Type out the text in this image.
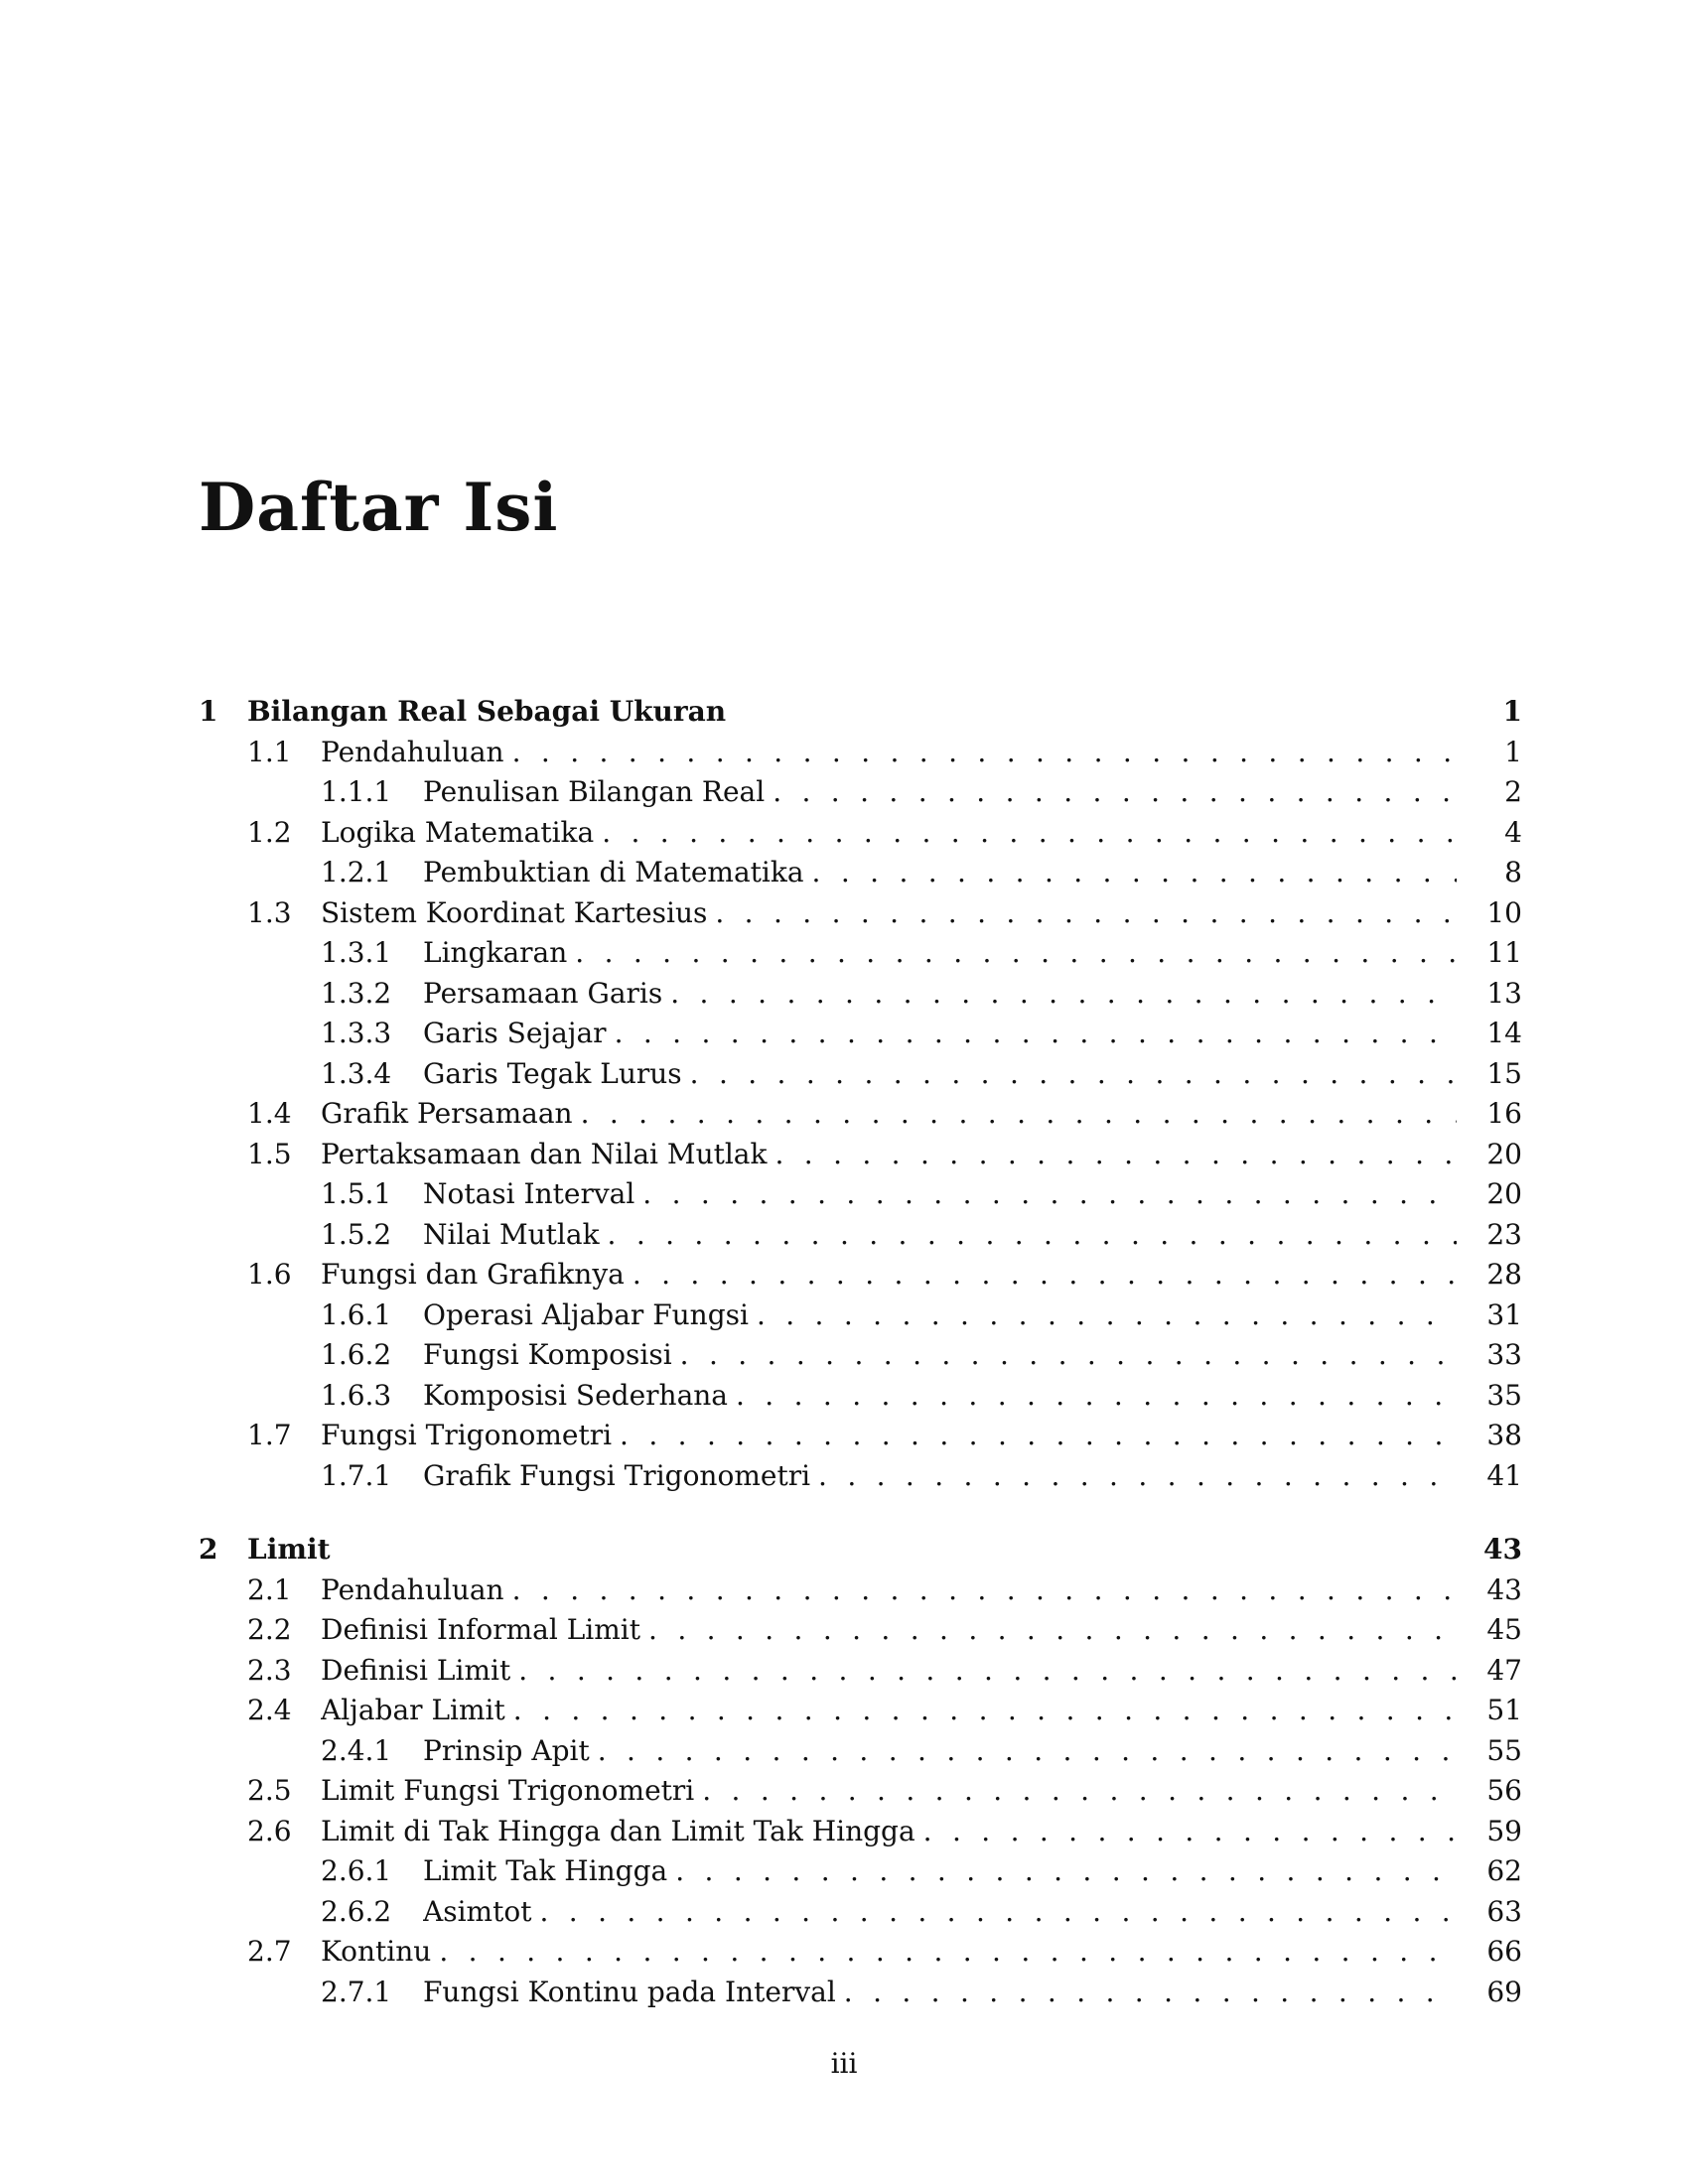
Daftar Isi
1 Bilangan Real Sebagai Ukuran	1
1.1 Pendahuluan . . .	1
1.1.1 Penulisan Bilangan Real . . .	2
1.2 Logika Matematika . . .	4
1.2.1 Pembuktian di Matematika . . .	8
1.3 Sistem Koordinat Kartesius . . .	10
1.3.1 Lingkaran . . .	11
1.3.2 Persamaan Garis . . .	13
1.3.3 Garis Sejajar . . .	14
1.3.4 Garis Tegak Lurus . . .	15
1.4 Grafik Persamaan . . .	16
1.5 Pertaksamaan dan Nilai Mutlak . . .	20
1.5.1 Notasi Interval . . .	20
1.5.2 Nilai Mutlak . . .	23
1.6 Fungsi dan Grafiknya . . .	28
1.6.1 Operasi Aljabar Fungsi . . .	31
1.6.2 Fungsi Komposisi . . .	33
1.6.3 Komposisi Sederhana . . .	35
1.7 Fungsi Trigonometri . . .	38
1.7.1 Grafik Fungsi Trigonometri . . .	41
2 Limit	43
2.1 Pendahuluan . . .	43
2.2 Definisi Informal Limit . . .	45
2.3 Definisi Limit . . .	47
2.4 Aljabar Limit . . .	51
2.4.1 Prinsip Apit . . .	55
2.5 Limit Fungsi Trigonometri . . .	56
2.6 Limit di Tak Hingga dan Limit Tak Hingga . . .	59
2.6.1 Limit Tak Hingga . . .	62
2.6.2 Asimtot . . .	63
2.7 Kontinu . . .	66
2.7.1 Fungsi Kontinu pada Interval . . .	69
iii
